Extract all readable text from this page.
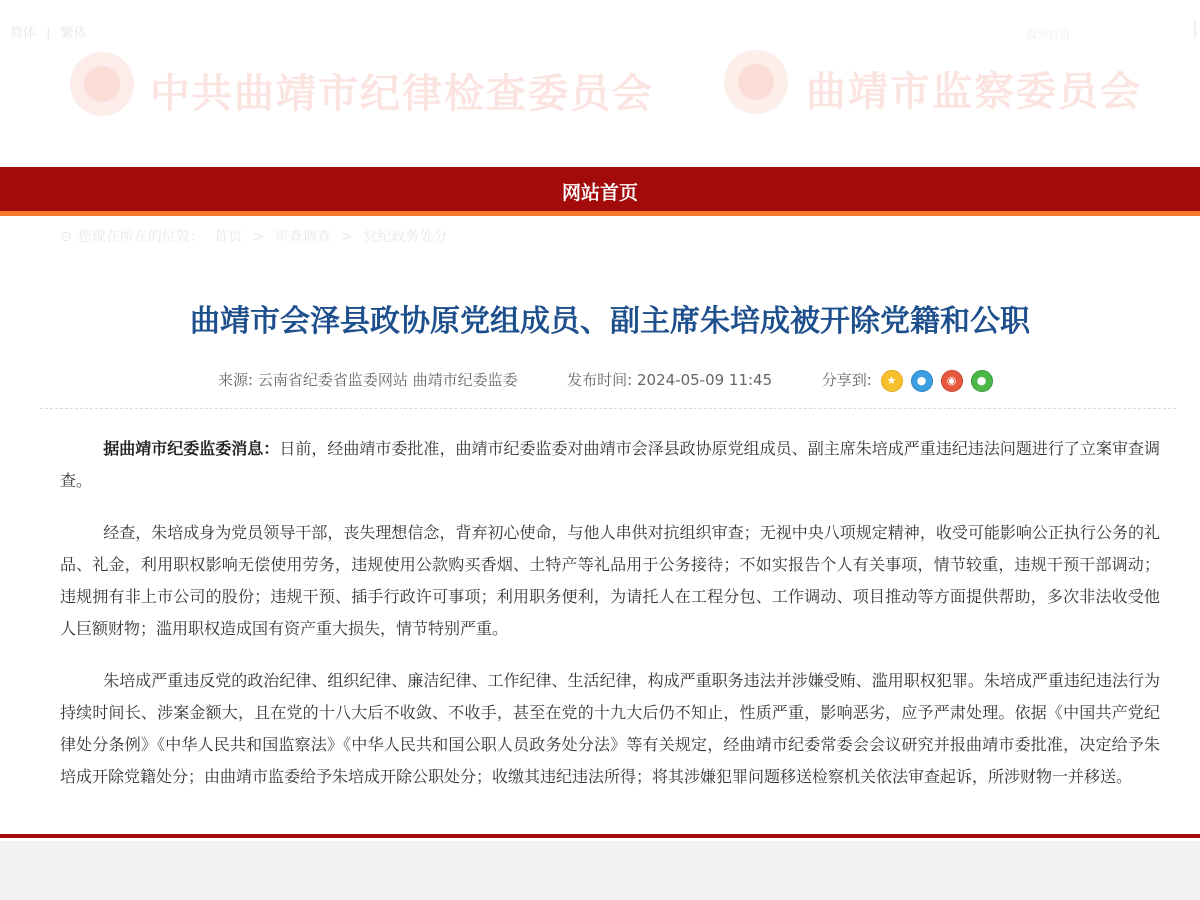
简体 | 繁体	设为首页
中共曲靖市纪律检查委员会	曲靖市监察委员会
网站首页
⊙ 您现在所在的位置： 首页 > 审查调查 > 党纪政务处分
曲靖市会泽县政协原党组成员、副主席朱培成被开除党籍和公职
来源: 云南省纪委省监委网站 曲靖市纪委监委	发布时间: 2024-05-09 11:45	分享到:	★	●	◉	●

据曲靖市纪委监委消息：日前，经曲靖市委批准，曲靖市纪委监委对曲靖市会泽县政协原党组成员、副主席朱培成严重违纪违法问题进行了立案审查调查。

经查，朱培成身为党员领导干部，丧失理想信念，背弃初心使命，与他人串供对抗组织审查；无视中央八项规定精神，收受可能影响公正执行公务的礼品、礼金，利用职权影响无偿使用劳务，违规使用公款购买香烟、土特产等礼品用于公务接待；不如实报告个人有关事项，情节较重，违规干预干部调动；违规拥有非上市公司的股份；违规干预、插手行政许可事项；利用职务便利，为请托人在工程分包、工作调动、项目推动等方面提供帮助，多次非法收受他人巨额财物；滥用职权造成国有资产重大损失，情节特别严重。

朱培成严重违反党的政治纪律、组织纪律、廉洁纪律、工作纪律、生活纪律，构成严重职务违法并涉嫌受贿、滥用职权犯罪。朱培成严重违纪违法行为持续时间长、涉案金额大，且在党的十八大后不收敛、不收手，甚至在党的十九大后仍不知止，性质严重，影响恶劣，应予严肃处理。依据《中国共产党纪律处分条例》《中华人民共和国监察法》《中华人民共和国公职人员政务处分法》等有关规定，经曲靖市纪委常委会会议研究并报曲靖市委批准，决定给予朱培成开除党籍处分；由曲靖市监委给予朱培成开除公职处分；收缴其违纪违法所得；将其涉嫌犯罪问题移送检察机关依法审查起诉，所涉财物一并移送。
